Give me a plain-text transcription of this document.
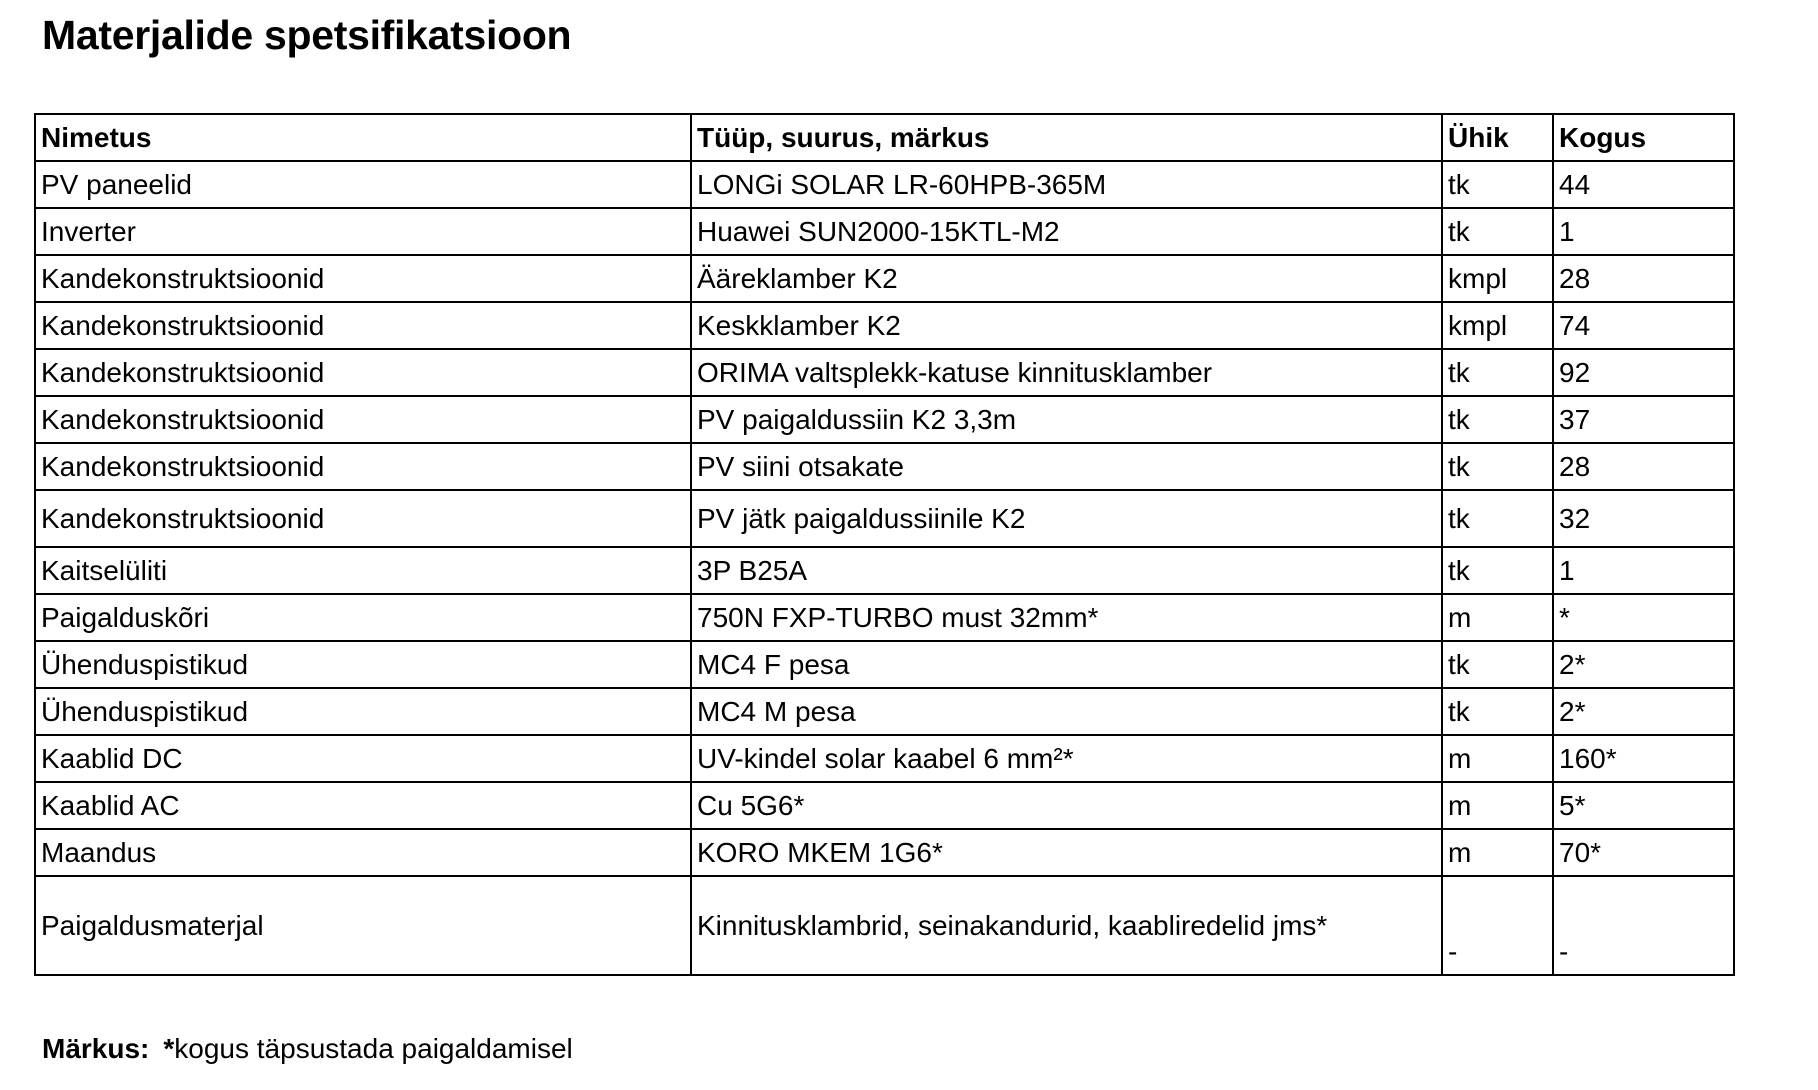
Materjalide spetsifikatsioon
Nimetus	Tüüp, suurus, märkus	Ühik	Kogus
PV paneelid	LONGi SOLAR LR-60HPB-365M	tk	44
Inverter	Huawei SUN2000-15KTL-M2	tk	1
Kandekonstruktsioonid	Ääreklamber K2	kmpl	28
Kandekonstruktsioonid	Keskklamber K2	kmpl	74
Kandekonstruktsioonid	ORIMA valtsplekk-katuse kinnitusklamber	tk	92
Kandekonstruktsioonid	PV paigaldussiin K2 3,3m	tk	37
Kandekonstruktsioonid	PV siini otsakate	tk	28
Kandekonstruktsioonid	PV jätk paigaldussiinile K2	tk	32
Kaitselüliti	3P B25A	tk	1
Paigalduskõri	750N FXP-TURBO must 32mm*	m	*
Ühenduspistikud	MC4 F pesa	tk	2*
Ühenduspistikud	MC4 M pesa	tk	2*
Kaablid DC	UV-kindel solar kaabel 6 mm²*	m	160*
Kaablid AC	Cu 5G6*	m	5*
Maandus	KORO MKEM 1G6*	m	70*
Paigaldusmaterjal	Kinnitusklambrid, seinakandurid, kaabliredelid jms*	-	-
Märkus: *kogus täpsustada paigaldamisel
